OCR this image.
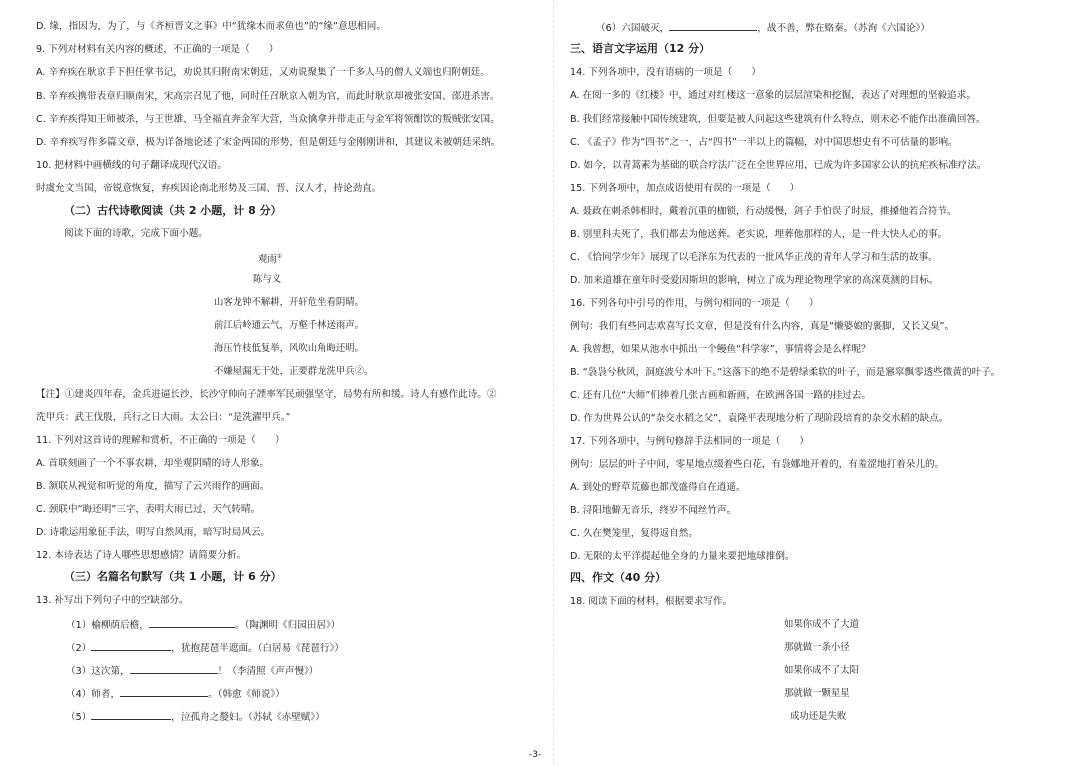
D. 缘，指因为，为了，与《齐桓晋文之事》中“犹缘木而求鱼也”的“缘”意思相同。
9. 下列对材料有关内容的概述，不正确的一项是（　　）
A. 辛弃疾在耿京手下担任掌书记，劝说其归附南宋朝廷，又劝说聚集了一千多人马的僧人义端也归附朝廷。
B. 辛弃疾携带表章归顺南宋，宋高宗召见了他，同时任召耿京入朝为官，而此时耿京却被张安国、邵进杀害。
C. 辛弃疾得知王师被杀，与王世雄、马全福直奔金军大营，当众擒拿并带走正与金军将领酣饮的叛贼张安国。
D. 辛弃疾写作多篇文章，极为详备地论述了宋金两国的形势，但是朝廷与金刚刚讲和，其建议未被朝廷采纳。
10. 把材料中画横线的句子翻译成现代汉语。
时虞允文当国，帝锐意恢复，弃疾因论南北形势及三国、晋、汉人才，持论劲直。
（二）古代诗歌阅读（共 2 小题，计 8 分）
阅读下面的诗歌，完成下面小题。
观雨①
陈与义
山客龙钟不解耕，开轩危坐看阴晴。
前江后岭通云气，万壑千林送雨声。
海压竹枝低复举，风吹山角晦还明。
不嫌屋漏无干处，正要群龙洗甲兵②。
【注】①建炎四年春，金兵进逼长沙，长沙守帅向子諲率军民顽强坚守，局势有所和缓。诗人有感作此诗。②
洗甲兵：武王伐殷，兵行之日大雨。太公曰：“是洗濯甲兵。”
11. 下列对这首诗的理解和赏析，不正确的一项是（　　）
A. 首联刻画了一个不事农耕，却坐观阴晴的诗人形象。
B. 颔联从视觉和听觉的角度，描写了云兴雨作的画面。
C. 颈联中“晦还明”三字，表明大雨已过，天气转晴。
D. 诗歌运用象征手法，明写自然风雨，暗写时局风云。
12. 本诗表达了诗人哪些思想感情？请简要分析。
（三）名篇名句默写（共 1 小题，计 6 分）
13. 补写出下列句子中的空缺部分。
（1）榆柳荫后檐，	。（陶渊明《归园田居》）
（2）	，犹抱琵琶半遮面。（白居易《琵琶行》）
（3）这次第，	！（李清照《声声慢》）
（4）师者，	。（韩愈《师说》）
（5）	，泣孤舟之嫠妇。（苏轼《赤壁赋》）
（6）六国破灭，	，战不善，弊在赂秦。（苏洵《六国论》）
三、语言文字运用（12 分）
14. 下列各项中，没有语病的一项是（　　）
A. 在阅一多的《红楼》中，通过对红楼这一意象的层层渲染和挖掘，表达了对理想的坚毅追求。
B. 我们经常接触中国传统建筑，但要是被人问起这些建筑有什么特点，则未必不能作出准确回答。
C. 《孟子》作为“四书”之一，占“四书”一半以上的篇幅，对中国思想史有不可估量的影响。
D. 如今，以青蒿素为基础的联合疗法广泛在全世界应用，已成为许多国家公认的抗疟疾标准疗法。
15. 下列各项中，加点成语使用有误的一项是（　　）
A. 聂政在刺杀韩相时，戴着沉重的枷锁，行动缓慢，剑子手怕误了时辰，推搡他若合符节。
B. 别里科夫死了，我们都去为他送葬。老实说，埋葬他那样的人，是一件大快人心的事。
C. 《恰同学少年》展现了以毛泽东为代表的一批风华正茂的青年人学习和生活的故事。
D. 加来道雄在童年时受爱因斯坦的影响，树立了成为理论物理学家的高深莫测的目标。
16. 下列各句中引号的作用，与例句相同的一项是（　　）
例句：我们有些同志欢喜写长文章，但是没有什么内容，真是“懒婆娘的裹脚，又长又臭”。
A. 我曾想，如果从池水中抓出一个鳗鱼“科学家”，事情将会是么样呢？
B. “袅袅兮秋风，洞庭波兮木叶下。”这落下的绝不是碧绿柔软的叶子，而是窸窣飘零透些微黄的叶子。
C. 还有几位“大师”们捧着几张古画和新画，在欧洲各国一路的挂过去。
D. 作为世界公认的“杂交水稻之父”，袁隆平表现地分析了现阶段培育的杂交水稻的缺点。
17. 下列各项中，与例句修辞手法相同的一项是（　　）
例句：层层的叶子中间，零星地点缀着些白花，有袅娜地开着的，有羞涩地打着朵儿的。
A. 到处的野草荒藤也都茂盛得自在逍遥。
B. 浔阳地僻无音乐，终岁不闻丝竹声。
C. 久在樊笼里，复得返自然。
D. 无限的太平洋提起他全身的力量来要把地球推倒。
四、作文（40 分）
18. 阅读下面的材料，根据要求写作。
如果你成不了大道
那就做一条小径
如果你成不了太阳
那就做一颗星星
成功还是失败
-3-
